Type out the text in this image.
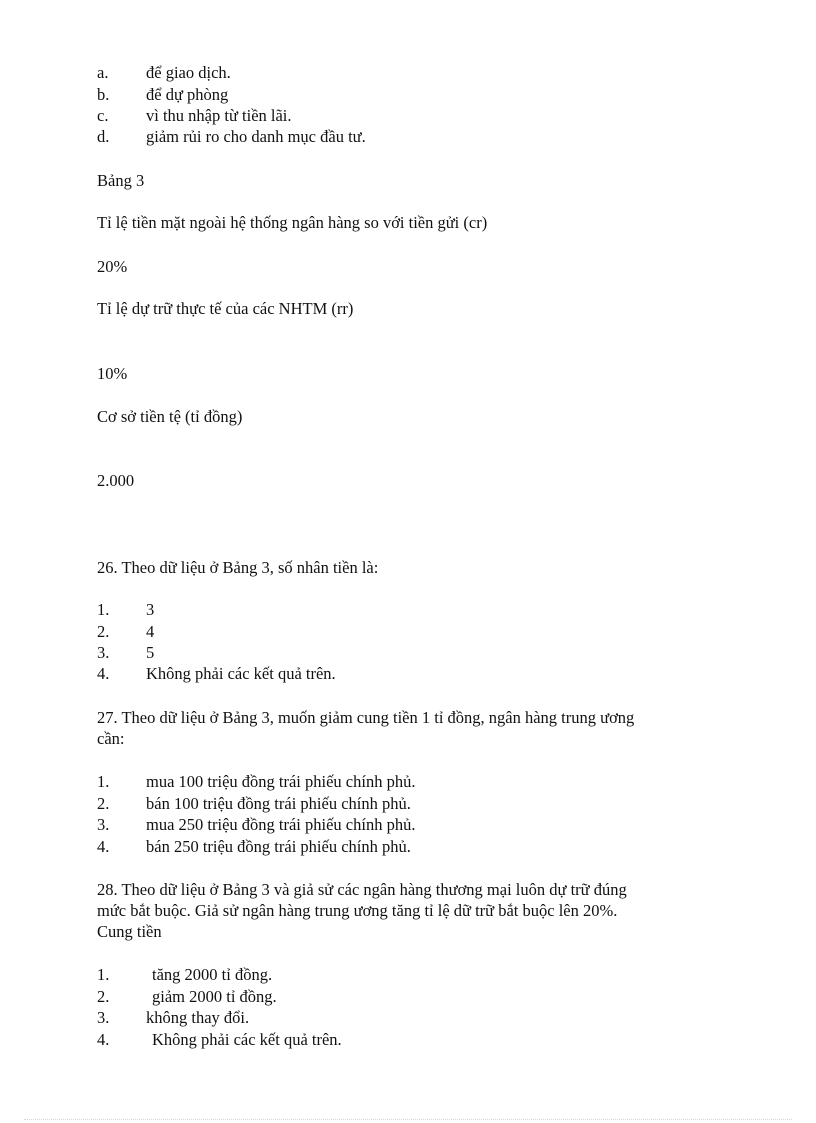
a. để giao dịch.
b. để dự phòng
c. vì thu nhập từ tiền lãi.
d. giảm rủi ro cho danh mục đầu tư.
Bảng 3
Tỉ lệ tiền mặt ngoài hệ thống ngân hàng so với tiền gửi (cr)
20%
Tỉ lệ dự trữ thực tế của các NHTM (rr)
10%
Cơ sở tiền tệ (tỉ đồng)
2.000
26. Theo dữ liệu ở Bảng 3, số nhân tiền là:
1. 3
2. 4
3. 5
4. Không phải các kết quả trên.
27. Theo dữ liệu ở Bảng 3, muốn giảm cung tiền 1 tỉ đồng, ngân hàng trung ương
cần:
1. mua 100 triệu đồng trái phiếu chính phủ.
2. bán 100 triệu đồng trái phiếu chính phủ.
3. mua 250 triệu đồng trái phiếu chính phủ.
4. bán 250 triệu đồng trái phiếu chính phủ.
28. Theo dữ liệu ở Bảng 3 và giả sử các ngân hàng thương mại luôn dự trữ đúng
mức bắt buộc. Giả sử ngân hàng trung ương tăng tỉ lệ dữ trữ bắt buộc lên 20%.
Cung tiền
1.	tăng 2000 tỉ đồng.
2.	giảm 2000 tỉ đồng.
3. không thay đổi.
4.	Không phải các kết quả trên.
